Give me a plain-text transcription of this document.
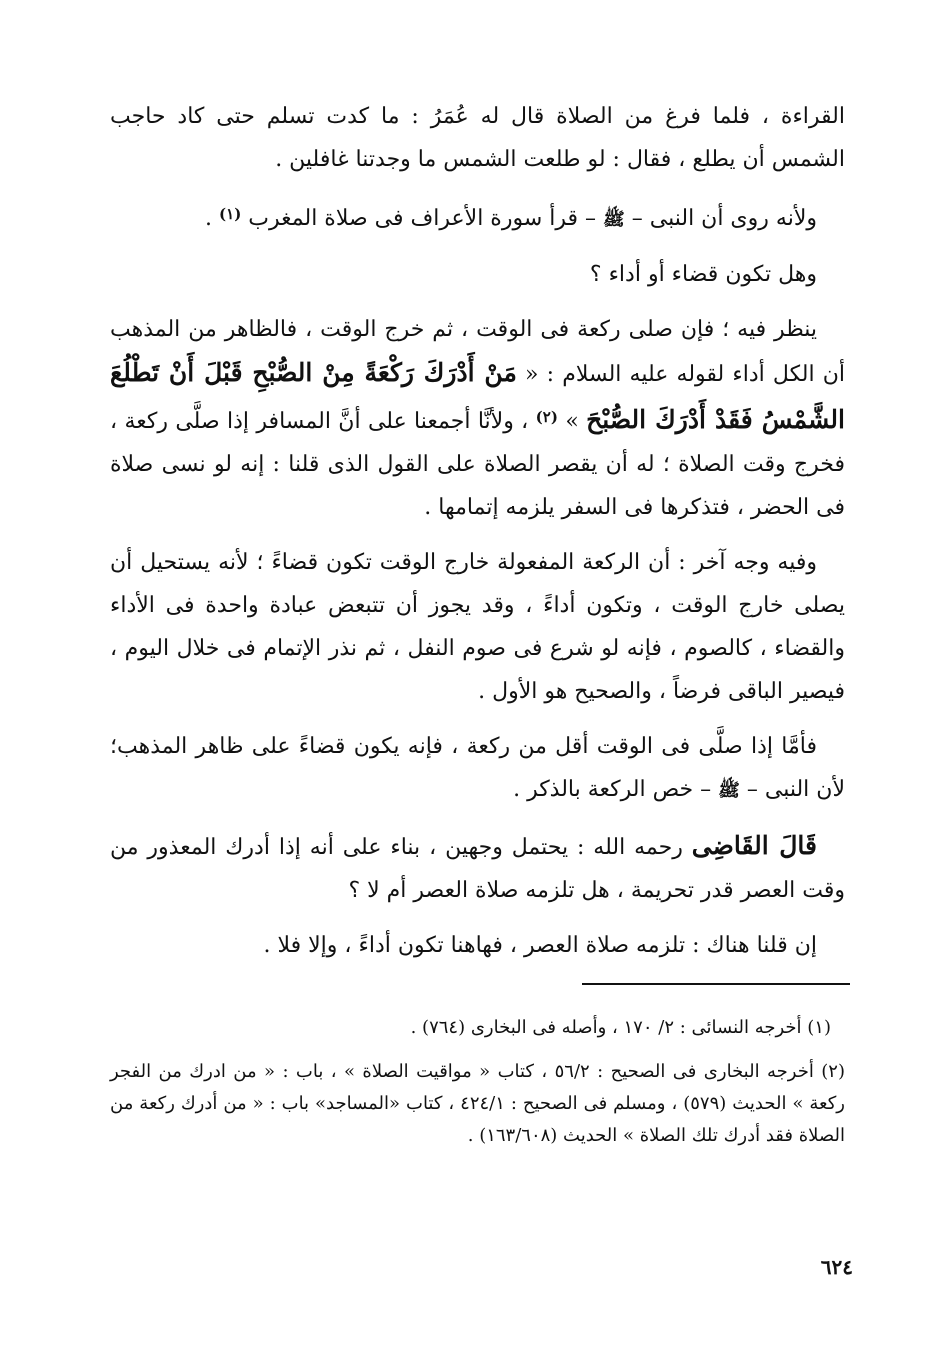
القراءة ، فلما فرغ من الصلاة قال له عُمَرُ : ما كدت تسلم حتى كاد حاجب الشمس أن يطلع ، فقال : لو طلعت الشمس ما وجدتنا غافلين .

ولأنه روى أن النبى – ﷺ – قرأ سورة الأعراف فى صلاة المغرب $^{(١)}$ .

وهل تكون قضاء أو أداء ؟

ينظر فيه ؛ فإن صلى ركعة فى الوقت ، ثم خرج الوقت ، فالظاهر من المذهب أن الكل أداء لقوله عليه السلام : « مَنْ أَدْرَكَ رَكْعَةً مِنْ الصُّبْحِ قَبْلَ أَنْ تَطْلُعَ الشَّمْسُ فَقَدْ أَدْرَكَ الصُّبْحَ » $^{(٢)}$ ، ولأنَّا أجمعنا على أنَّ المسافر إذا صلَّى ركعة ، فخرج وقت الصلاة ؛ له أن يقصر الصلاة على القول الذى قلنا : إنه لو نسى صلاة فى الحضر ، فتذكرها فى السفر يلزمه إتمامها .

وفيه وجه آخر : أن الركعة المفعولة خارج الوقت تكون قضاءً ؛ لأنه يستحيل أن يصلى خارج الوقت ، وتكون أداءً ، وقد يجوز أن تتبعض عبادة واحدة فى الأداء والقضاء ، كالصوم ، فإنه لو شرع فى صوم النفل ، ثم نذر الإتمام فى خلال اليوم ، فيصير الباقى فرضاً ، والصحيح هو الأول .

فأمَّا إذا صلَّى فى الوقت أقل من ركعة ، فإنه يكون قضاءً على ظاهر المذهب؛ لأن النبى – ﷺ – خص الركعة بالذكر .

قَالَ القَاضِى رحمه الله : يحتمل وجهين ، بناء على أنه إذا أدرك المعذور من وقت العصر قدر تحريمة ، هل تلزمه صلاة العصر أم لا ؟

إن قلنا هناك : تلزمه صلاة العصر ، فهاهنا تكون أداءً ، وإلا فلا .

(١) أخرجه النسائى : ٢/ ١٧٠ ، وأصله فى البخارى (٧٦٤) .

(٢) أخرجه البخارى فى الصحيح : ٥٦/٢ ، كتاب « مواقيت الصلاة » ، باب : « من ادرك من الفجر ركعة » الحديث (٥٧٩) ، ومسلم فى الصحيح : ٤٢٤/١ ، كتاب «المساجد» باب : « من أدرك ركعة من الصلاة فقد أدرك تلك الصلاة » الحديث (١٦٣/٦٠٨) .

٦٢٤
